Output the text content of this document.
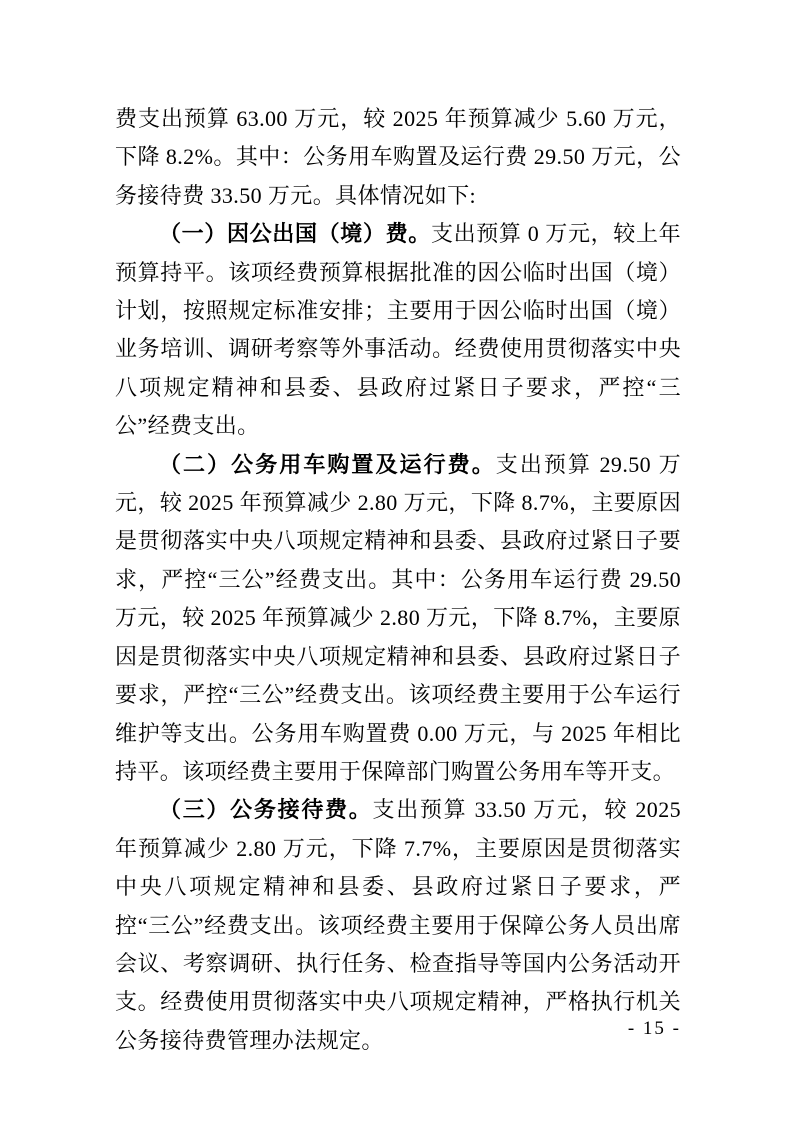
费支出预算 63.00 万元，较 2025 年预算减少 5.60 万元，下降 8.2%。其中：公务用车购置及运行费 29.50 万元，公务接待费 33.50 万元。具体情况如下:

（一）因公出国（境）费。支出预算 0 万元，较上年预算持平。该项经费预算根据批准的因公临时出国（境）计划，按照规定标准安排；主要用于因公临时出国（境）业务培训、调研考察等外事活动。经费使用贯彻落实中央八项规定精神和县委、县政府过紧日子要求，严控“三公”经费支出。

（二）公务用车购置及运行费。支出预算 29.50 万元，较 2025 年预算减少 2.80 万元，下降 8.7%，主要原因是贯彻落实中央八项规定精神和县委、县政府过紧日子要求，严控“三公”经费支出。其中：公务用车运行费 29.50 万元，较 2025 年预算减少 2.80 万元，下降 8.7%，主要原因是贯彻落实中央八项规定精神和县委、县政府过紧日子要求，严控“三公”经费支出。该项经费主要用于公车运行维护等支出。公务用车购置费 0.00 万元，与 2025 年相比持平。该项经费主要用于保障部门购置公务用车等开支。

（三）公务接待费。支出预算 33.50 万元，较 2025 年预算减少 2.80 万元，下降 7.7%，主要原因是贯彻落实中央八项规定精神和县委、县政府过紧日子要求，严控“三公”经费支出。该项经费主要用于保障公务人员出席会议、考察调研、执行任务、检查指导等国内公务活动开支。经费使用贯彻落实中央八项规定精神，严格执行机关公务接待费管理办法规定。	- 15 -
